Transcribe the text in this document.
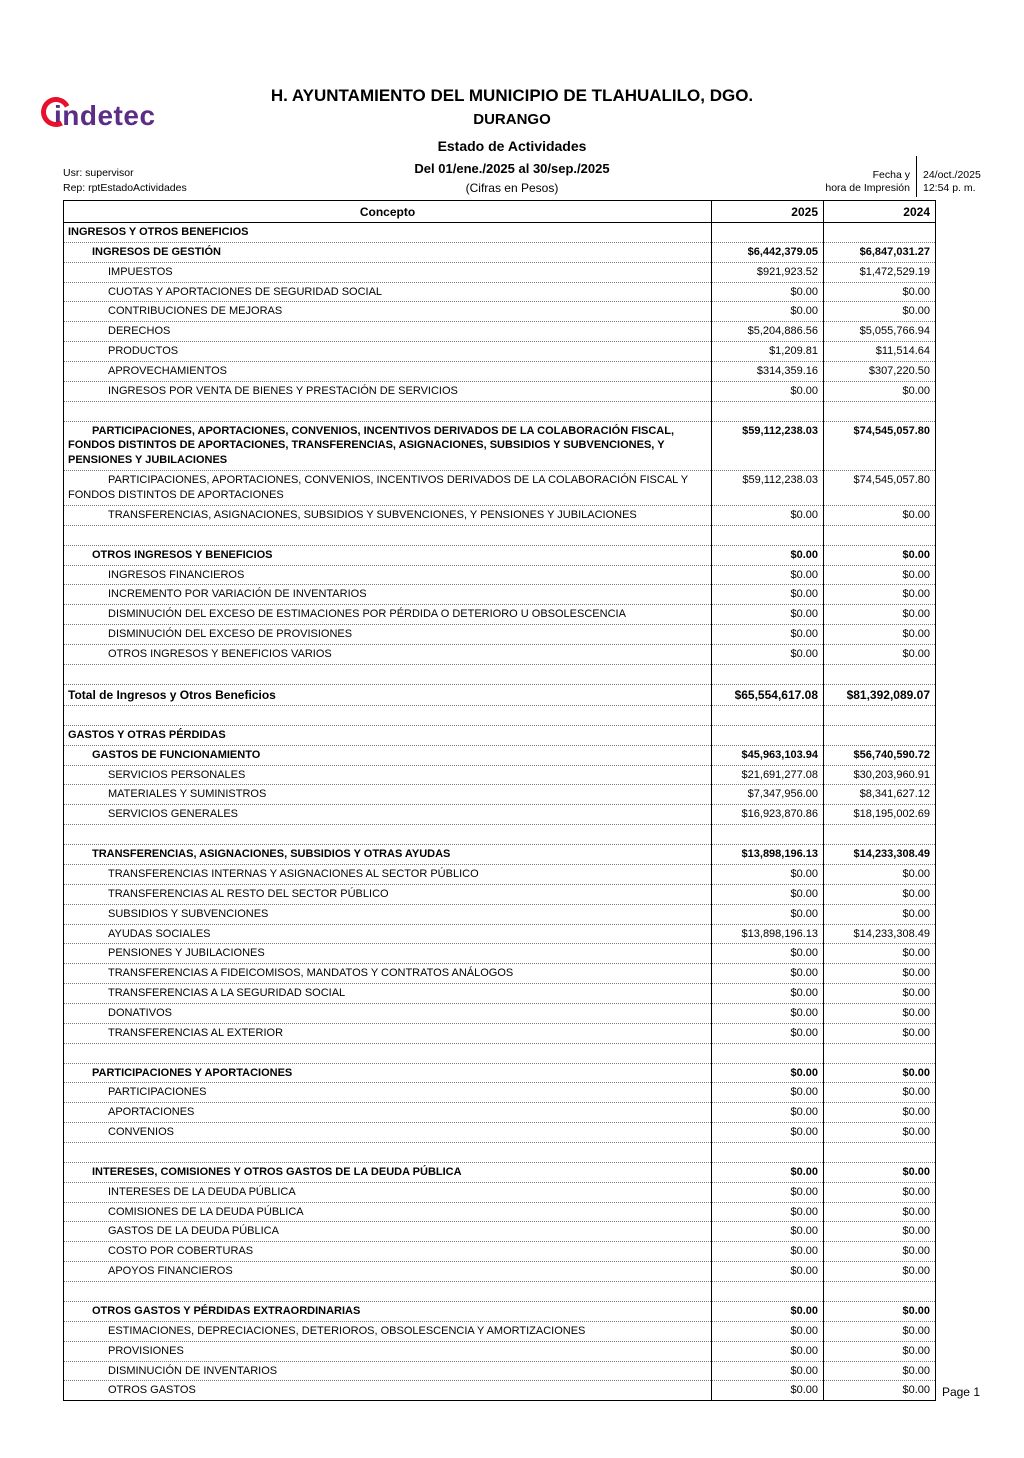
indetec
H. AYUNTAMIENTO DEL MUNICIPIO DE TLAHUALILO, DGO.
DURANGO
Estado de Actividades
Del 01/ene./2025 al 30/sep./2025
(Cifras en Pesos)
Usr: supervisor
Rep: rptEstadoActividades
Fecha y
hora de Impresión
24/oct./2025
12:54 p. m.
Concepto	2025	2024
INGRESOS Y OTROS BENEFICIOS		
INGRESOS DE GESTIÓN	$6,442,379.05	$6,847,031.27
IMPUESTOS	$921,923.52	$1,472,529.19
CUOTAS Y APORTACIONES DE SEGURIDAD SOCIAL	$0.00	$0.00
CONTRIBUCIONES DE MEJORAS	$0.00	$0.00
DERECHOS	$5,204,886.56	$5,055,766.94
PRODUCTOS	$1,209.81	$11,514.64
APROVECHAMIENTOS	$314,359.16	$307,220.50
INGRESOS POR VENTA DE BIENES Y PRESTACIÓN DE SERVICIOS	$0.00	$0.00

PARTICIPACIONES, APORTACIONES, CONVENIOS, INCENTIVOS DERIVADOS DE LA COLABORACIÓN FISCAL, FONDOS DISTINTOS DE APORTACIONES, TRANSFERENCIAS, ASIGNACIONES, SUBSIDIOS Y SUBVENCIONES, Y PENSIONES Y JUBILACIONES	$59,112,238.03	$74,545,057.80
PARTICIPACIONES, APORTACIONES, CONVENIOS, INCENTIVOS DERIVADOS DE LA COLABORACIÓN FISCAL Y FONDOS DISTINTOS DE APORTACIONES	$59,112,238.03	$74,545,057.80
TRANSFERENCIAS, ASIGNACIONES, SUBSIDIOS Y SUBVENCIONES, Y PENSIONES Y JUBILACIONES	$0.00	$0.00

OTROS INGRESOS Y BENEFICIOS	$0.00	$0.00
INGRESOS FINANCIEROS	$0.00	$0.00
INCREMENTO POR VARIACIÓN DE INVENTARIOS	$0.00	$0.00
DISMINUCIÓN DEL EXCESO DE ESTIMACIONES POR PÉRDIDA O DETERIORO U OBSOLESCENCIA	$0.00	$0.00
DISMINUCIÓN DEL EXCESO DE PROVISIONES	$0.00	$0.00
OTROS INGRESOS Y BENEFICIOS VARIOS	$0.00	$0.00

Total de Ingresos y Otros Beneficios	$65,554,617.08	$81,392,089.07

GASTOS Y OTRAS PÉRDIDAS		
GASTOS DE FUNCIONAMIENTO	$45,963,103.94	$56,740,590.72
SERVICIOS PERSONALES	$21,691,277.08	$30,203,960.91
MATERIALES Y SUMINISTROS	$7,347,956.00	$8,341,627.12
SERVICIOS GENERALES	$16,923,870.86	$18,195,002.69

TRANSFERENCIAS, ASIGNACIONES, SUBSIDIOS Y OTRAS AYUDAS	$13,898,196.13	$14,233,308.49
TRANSFERENCIAS INTERNAS Y ASIGNACIONES AL SECTOR PÚBLICO	$0.00	$0.00
TRANSFERENCIAS AL RESTO DEL SECTOR PÚBLICO	$0.00	$0.00
SUBSIDIOS Y SUBVENCIONES	$0.00	$0.00
AYUDAS SOCIALES	$13,898,196.13	$14,233,308.49
PENSIONES Y JUBILACIONES	$0.00	$0.00
TRANSFERENCIAS A FIDEICOMISOS, MANDATOS Y CONTRATOS ANÁLOGOS	$0.00	$0.00
TRANSFERENCIAS A LA SEGURIDAD SOCIAL	$0.00	$0.00
DONATIVOS	$0.00	$0.00
TRANSFERENCIAS AL EXTERIOR	$0.00	$0.00

PARTICIPACIONES Y APORTACIONES	$0.00	$0.00
PARTICIPACIONES	$0.00	$0.00
APORTACIONES	$0.00	$0.00
CONVENIOS	$0.00	$0.00

INTERESES, COMISIONES Y OTROS GASTOS DE LA DEUDA PÚBLICA	$0.00	$0.00
INTERESES DE LA DEUDA PÚBLICA	$0.00	$0.00
COMISIONES DE LA DEUDA PÚBLICA	$0.00	$0.00
GASTOS DE LA DEUDA PÚBLICA	$0.00	$0.00
COSTO POR COBERTURAS	$0.00	$0.00
APOYOS FINANCIEROS	$0.00	$0.00

OTROS GASTOS Y PÉRDIDAS EXTRAORDINARIAS	$0.00	$0.00
ESTIMACIONES, DEPRECIACIONES, DETERIOROS, OBSOLESCENCIA Y AMORTIZACIONES	$0.00	$0.00
PROVISIONES	$0.00	$0.00
DISMINUCIÓN DE INVENTARIOS	$0.00	$0.00
OTROS GASTOS	$0.00	$0.00 Page 1
